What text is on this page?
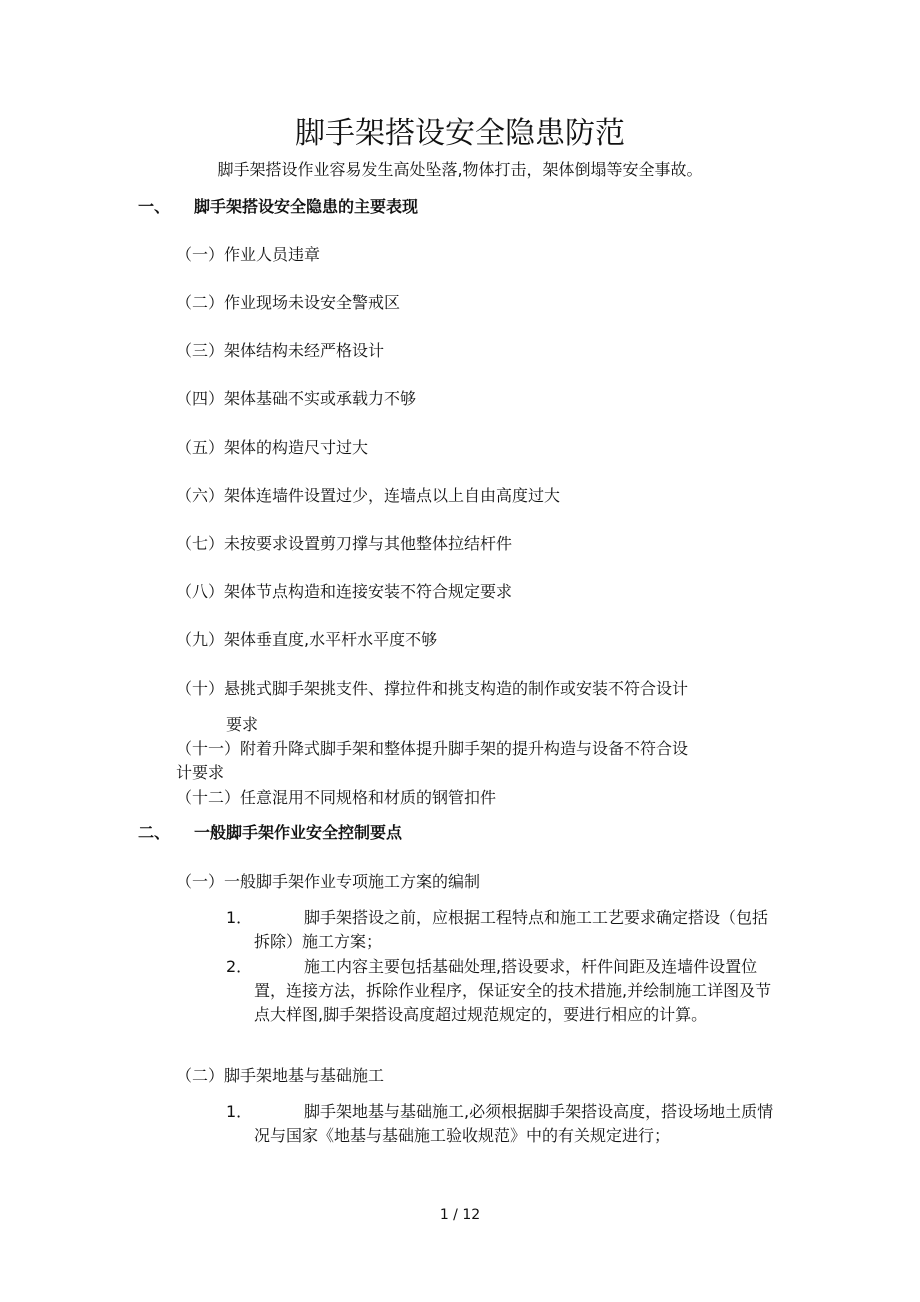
脚手架搭设安全隐患防范
脚手架搭设作业容易发生高处坠落,物体打击，架体倒塌等安全事故。
一、 脚手架搭设安全隐患的主要表现
（一）作业人员违章
（二）作业现场未设安全警戒区
（三）架体结构未经严格设计
（四）架体基础不实或承载力不够
（五）架体的构造尺寸过大
（六）架体连墙件设置过少，连墙点以上自由高度过大
（七）未按要求设置剪刀撑与其他整体拉结杆件
（八）架体节点构造和连接安装不符合规定要求
（九）架体垂直度,水平杆水平度不够
（十）悬挑式脚手架挑支件、撑拉件和挑支构造的制作或安装不符合设计
要求
（十一）附着升降式脚手架和整体提升脚手架的提升构造与设备不符合设
计要求
（十二）任意混用不同规格和材质的钢管扣件
二、 一般脚手架作业安全控制要点
（一）一般脚手架作业专项施工方案的编制
1．	脚手架搭设之前，应根据工程特点和施工工艺要求确定搭设（包括拆除）施工方案；
2．	施工内容主要包括基础处理,搭设要求，杆件间距及连墙件设置位置，连接方法，拆除作业程序，保证安全的技术措施,并绘制施工详图及节点大样图,脚手架搭设高度超过规范规定的，要进行相应的计算。
（二）脚手架地基与基础施工
1．	脚手架地基与基础施工,必须根据脚手架搭设高度，搭设场地土质情况与国家《地基与基础施工验收规范》中的有关规定进行；
1 / 12
